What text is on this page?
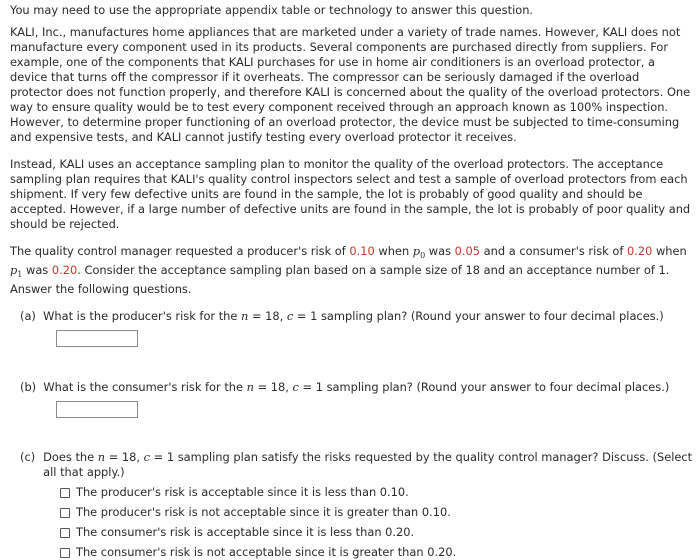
You may need to use the appropriate appendix table or technology to answer this question.

KALI, Inc., manufactures home appliances that are marketed under a variety of trade names. However, KALI does not manufacture every component used in its products. Several components are purchased directly from suppliers. For example, one of the components that KALI purchases for use in home air conditioners is an overload protector, a device that turns off the compressor if it overheats. The compressor can be seriously damaged if the overload protector does not function properly, and therefore KALI is concerned about the quality of the overload protectors. One way to ensure quality would be to test every component received through an approach known as 100% inspection. However, to determine proper functioning of an overload protector, the device must be subjected to time-consuming and expensive tests, and KALI cannot justify testing every overload protector it receives.

Instead, KALI uses an acceptance sampling plan to monitor the quality of the overload protectors. The acceptance sampling plan requires that KALI's quality control inspectors select and test a sample of overload protectors from each shipment. If very few defective units are found in the sample, the lot is probably of good quality and should be accepted. However, if a large number of defective units are found in the sample, the lot is probably of poor quality and should be rejected.

The quality control manager requested a producer's risk of 0.10 when $p_0$ was 0.05 and a consumer's risk of 0.20 when $p_1$ was 0.20. Consider the acceptance sampling plan based on a sample size of 18 and an acceptance number of 1. Answer the following questions.

(a) What is the producer's risk for the n = 18, c = 1 sampling plan? (Round your answer to four decimal places.)
(b) What is the consumer's risk for the n = 18, c = 1 sampling plan? (Round your answer to four decimal places.)
(c) Does the n = 18, c = 1 sampling plan satisfy the risks requested by the quality control manager? Discuss. (Select all that apply.)
The producer's risk is acceptable since it is less than 0.10.
The producer's risk is not acceptable since it is greater than 0.10.
The consumer's risk is acceptable since it is less than 0.20.
The consumer's risk is not acceptable since it is greater than 0.20.
